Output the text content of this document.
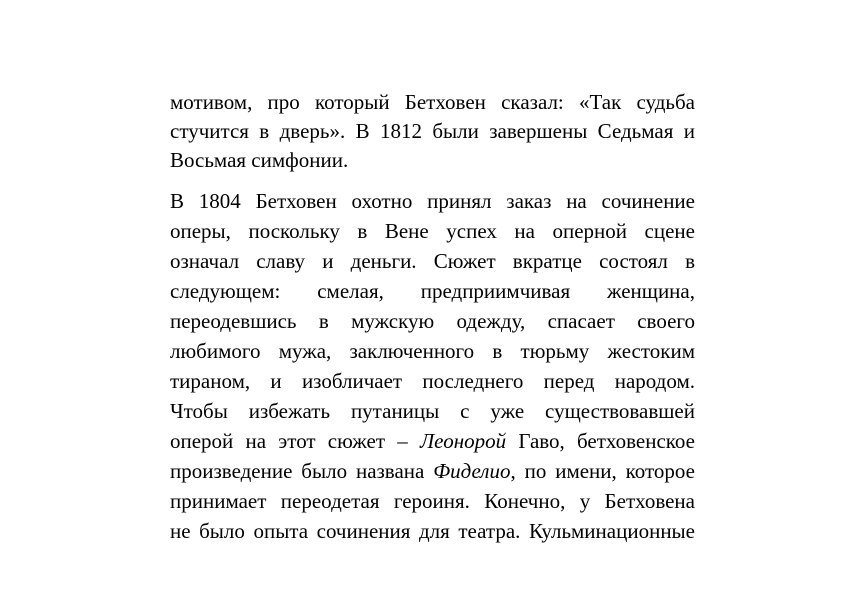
мотивом, про который Бетховен сказал: «Так судьба
стучится в дверь». В 1812 были завершены Седьмая и
Восьмая симфонии.
В 1804 Бетховен охотно принял заказ на сочинение
оперы, поскольку в Вене успех на оперной сцене
означал славу и деньги. Сюжет вкратце состоял в
следующем: смелая, предприимчивая женщина,
переодевшись в мужскую одежду, спасает своего
любимого мужа, заключенного в тюрьму жестоким
тираном, и изобличает последнего перед народом.
Чтобы избежать путаницы с уже существовавшей
оперой на этот сюжет – Леонорой Гаво, бетховенское
произведение было названа Фиделио, по имени, которое
принимает переодетая героиня. Конечно, у Бетховена
не было опыта сочинения для театра. Кульминационные
